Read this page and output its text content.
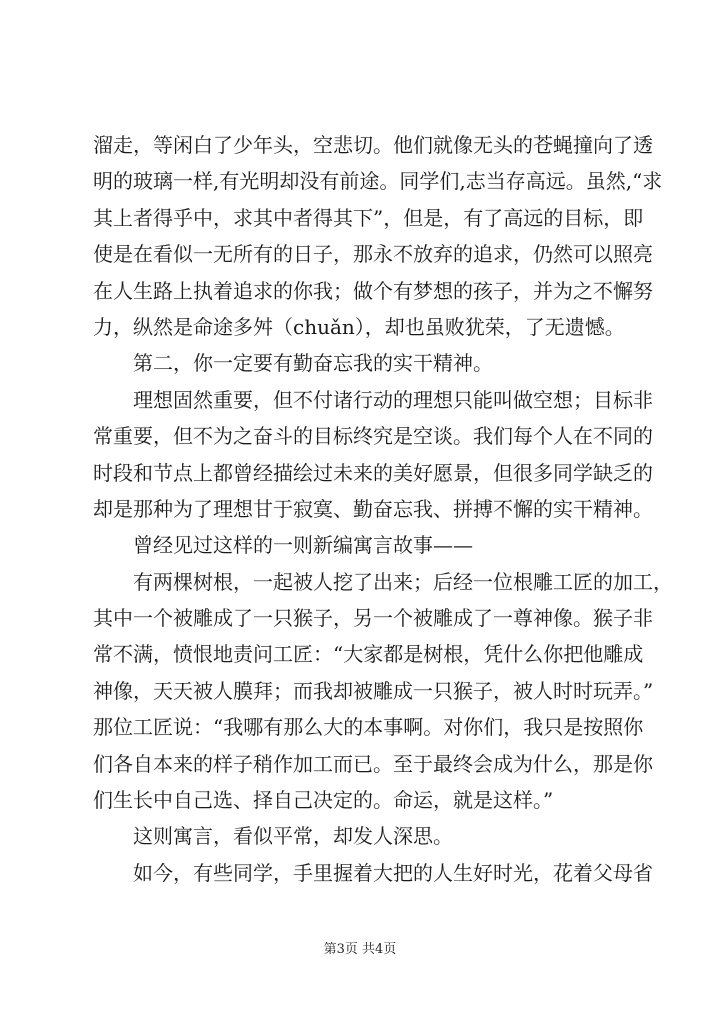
溜走，等闲白了少年头，空悲切。他们就像无头的苍蝇撞向了透
明的玻璃一样,有光明却没有前途。同学们,志当存高远。虽然,“求
其上者得乎中，求其中者得其下”，但是，有了高远的目标，即
使是在看似一无所有的日子，那永不放弃的追求，仍然可以照亮
在人生路上执着追求的你我；做个有梦想的孩子，并为之不懈努
力，纵然是命途多舛（chuǎn），却也虽败犹荣，了无遗憾。
　　第二，你一定要有勤奋忘我的实干精神。
　　理想固然重要，但不付诸行动的理想只能叫做空想；目标非
常重要，但不为之奋斗的目标终究是空谈。我们每个人在不同的
时段和节点上都曾经描绘过未来的美好愿景，但很多同学缺乏的
却是那种为了理想甘于寂寞、勤奋忘我、拼搏不懈的实干精神。
　　曾经见过这样的一则新编寓言故事——
　　有两棵树根，一起被人挖了出来；后经一位根雕工匠的加工，
其中一个被雕成了一只猴子，另一个被雕成了一尊神像。猴子非
常不满，愤恨地责问工匠：“大家都是树根，凭什么你把他雕成
神像，天天被人膜拜；而我却被雕成一只猴子，被人时时玩弄。”
那位工匠说：“我哪有那么大的本事啊。对你们，我只是按照你
们各自本来的样子稍作加工而已。至于最终会成为什么，那是你
们生长中自己选、择自己决定的。命运，就是这样。”
　　这则寓言，看似平常，却发人深思。
　　如今，有些同学，手里握着大把的人生好时光，花着父母省
第3页 共4页
